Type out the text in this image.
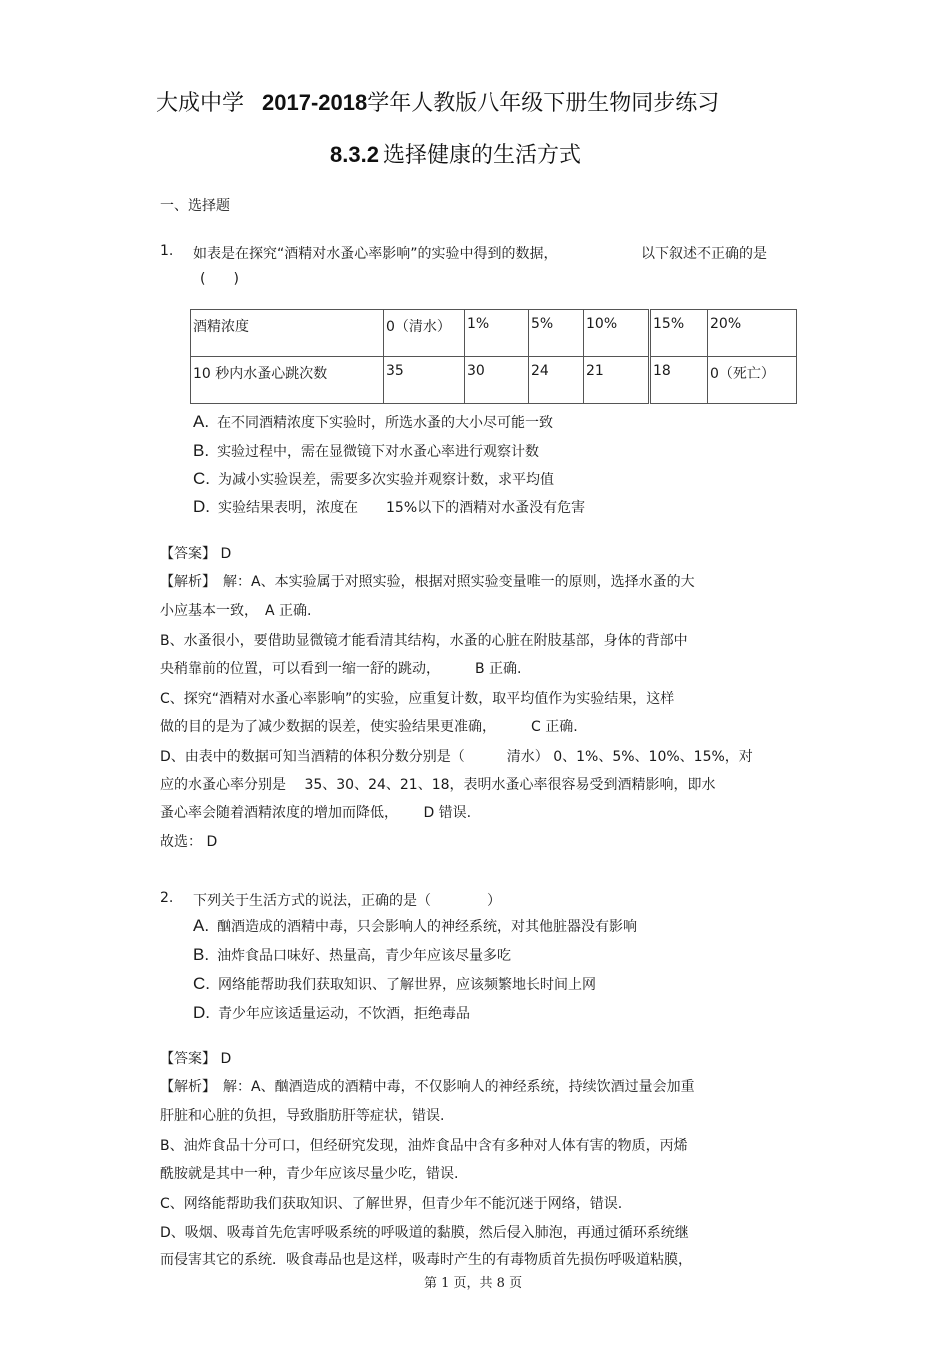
大成中学 2017-2018学年人教版八年级下册生物同步练习
8.3.2 选择健康的生活方式
一、选择题
1. 如表是在探究“酒精对水蚤心率影响”的实验中得到的数据，	以下叙述不正确的是
(　　)
酒精浓度	0（清水）	1%	5%	10%	15%	20%
10 秒内水蚤心跳次数	35	30	24	21	18	0（死亡）
A. 在不同酒精浓度下实验时，所选水蚤的大小尽可能一致
B. 实验过程中，需在显微镜下对水蚤心率进行观察计数
C. 为减小实验误差，需要多次实验并观察计数，求平均值
D. 实验结果表明，浓度在　　15%以下的酒精对水蚤没有危害
【答案】 D
【解析】　解：A、本实验属于对照实验，根据对照实验变量唯一的原则，选择水蚤的大
小应基本一致，　A 正确.
B、水蚤很小，要借助显微镜才能看清其结构，水蚤的心脏在附肢基部，身体的背部中
央稍靠前的位置，可以看到一缩一舒的跳动，　　　B 正确.
C、探究“酒精对水蚤心率影响”的实验，应重复计数，取平均值作为实验结果，这样
做的目的是为了减少数据的误差，使实验结果更准确，　　　C 正确.
D、由表中的数据可知当酒精的体积分数分别是（　　　清水） 0、1%、5%、10%、15%，对
应的水蚤心率分别是　 35、30、24、21、18，表明水蚤心率很容易受到酒精影响，即水
蚤心率会随着酒精浓度的增加而降低，　　 D 错误.
故选： D
2. 下列关于生活方式的说法，正确的是（　　　　）
A. 酗酒造成的酒精中毒，只会影响人的神经系统，对其他脏器没有影响
B. 油炸食品口味好、热量高，青少年应该尽量多吃
C. 网络能帮助我们获取知识、了解世界，应该频繁地长时间上网
D. 青少年应该适量运动，不饮酒，拒绝毒品
【答案】 D
【解析】　解：A、酗酒造成的酒精中毒，不仅影响人的神经系统，持续饮酒过量会加重
肝脏和心脏的负担，导致脂肪肝等症状，错误.
B、油炸食品十分可口，但经研究发现，油炸食品中含有多种对人体有害的物质，丙烯
酰胺就是其中一种，青少年应该尽量少吃，错误.
C、网络能帮助我们获取知识、了解世界，但青少年不能沉迷于网络，错误.
D、吸烟、吸毒首先危害呼吸系统的呼吸道的黏膜，然后侵入肺泡，再通过循环系统继
而侵害其它的系统．吸食毒品也是这样，吸毒时产生的有毒物质首先损伤呼吸道粘膜，
第 1 页，共 8 页
